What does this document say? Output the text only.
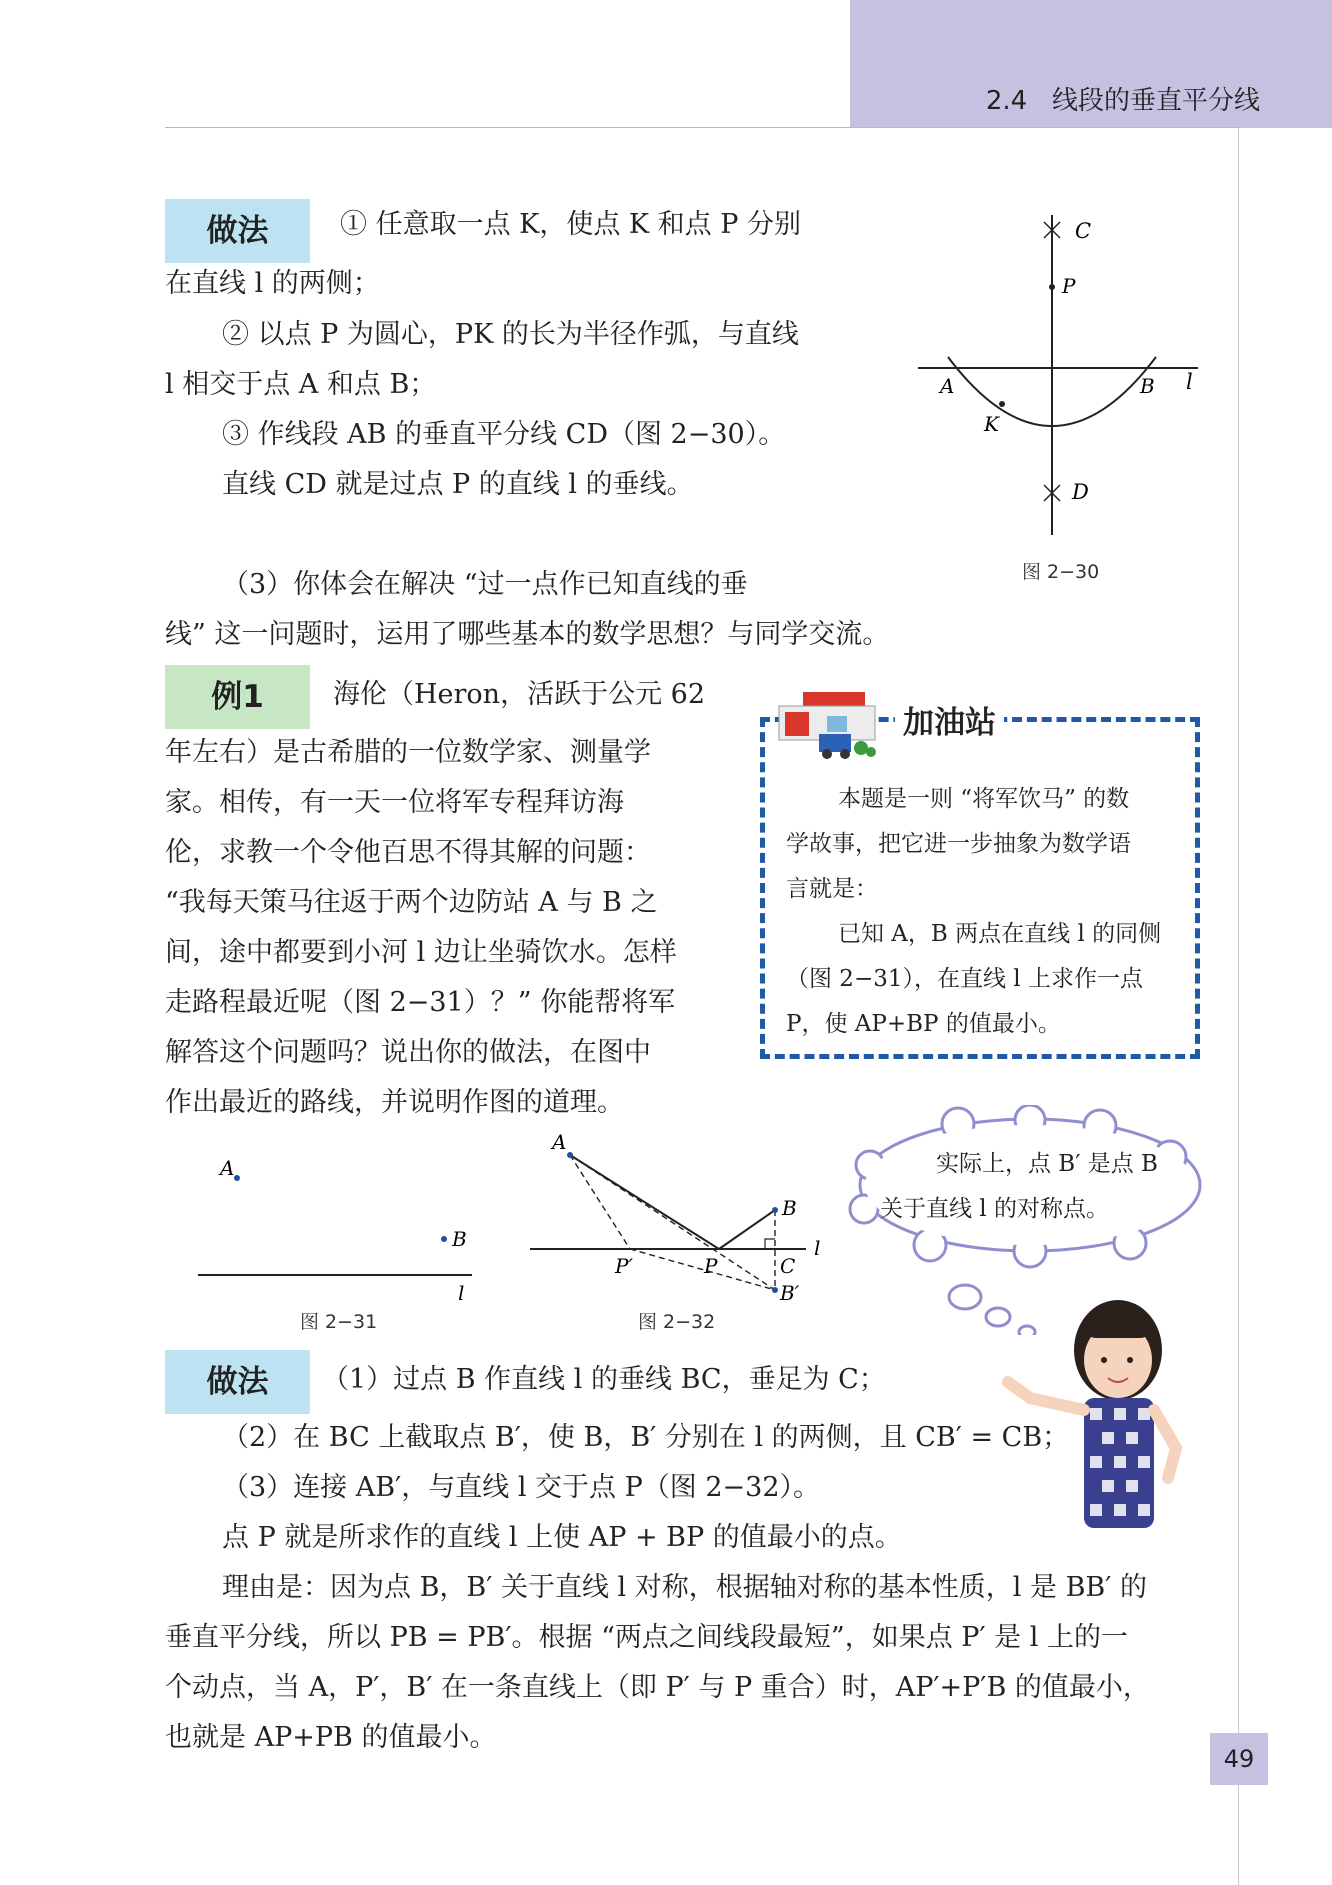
2.4 线段的垂直平分线
做法	① 任意取一点 K，使点 K 和点 P 分别
在直线 l 的两侧；
② 以点 P 为圆心，PK 的长为半径作弧，与直线
l 相交于点 A 和点 B；
③ 作线段 AB 的垂直平分线 CD（图 2−30）。
直线 CD 就是过点 P 的直线 l 的垂线。
C
P
A	B l
K
D
图 2−30
（3）你体会在解决 “过一点作已知直线的垂
线” 这一问题时，运用了哪些基本的数学思想？与同学交流。
例1	海伦（Heron，活跃于公元 62
年左右）是古希腊的一位数学家、测量学
家。相传，有一天一位将军专程拜访海
伦，求教一个令他百思不得其解的问题：
“我每天策马往返于两个边防站 A 与 B 之
间，途中都要到小河 l 边让坐骑饮水。怎样
走路程最近呢（图 2−31）？” 你能帮将军
解答这个问题吗？说出你的做法，在图中
作出最近的路线，并说明作图的道理。
加油站
本题是一则 “将军饮马” 的数
学故事，把它进一步抽象为数学语
言就是：
已知 A，B 两点在直线 l 的同侧
（图 2−31），在直线 l 上求作一点
P，使 AP+BP 的值最小。
A
B
l
图 2−31
A
B
P′	P	C
B′
l
图 2−32
实际上，点 B′ 是点 B
关于直线 l 的对称点。
做法	（1）过点 B 作直线 l 的垂线 BC，垂足为 C；
（2）在 BC 上截取点 B′，使 B，B′ 分别在 l 的两侧，且 CB′ = CB；
（3）连接 AB′，与直线 l 交于点 P（图 2−32）。
点 P 就是所求作的直线 l 上使 AP + BP 的值最小的点。
理由是：因为点 B，B′ 关于直线 l 对称，根据轴对称的基本性质，l 是 BB′ 的
垂直平分线，所以 PB = PB′。根据 “两点之间线段最短”，如果点 P′ 是 l 上的一
个动点，当 A，P′，B′ 在一条直线上（即 P′ 与 P 重合）时，AP′+P′B 的值最小，
也就是 AP+PB 的值最小。
49
